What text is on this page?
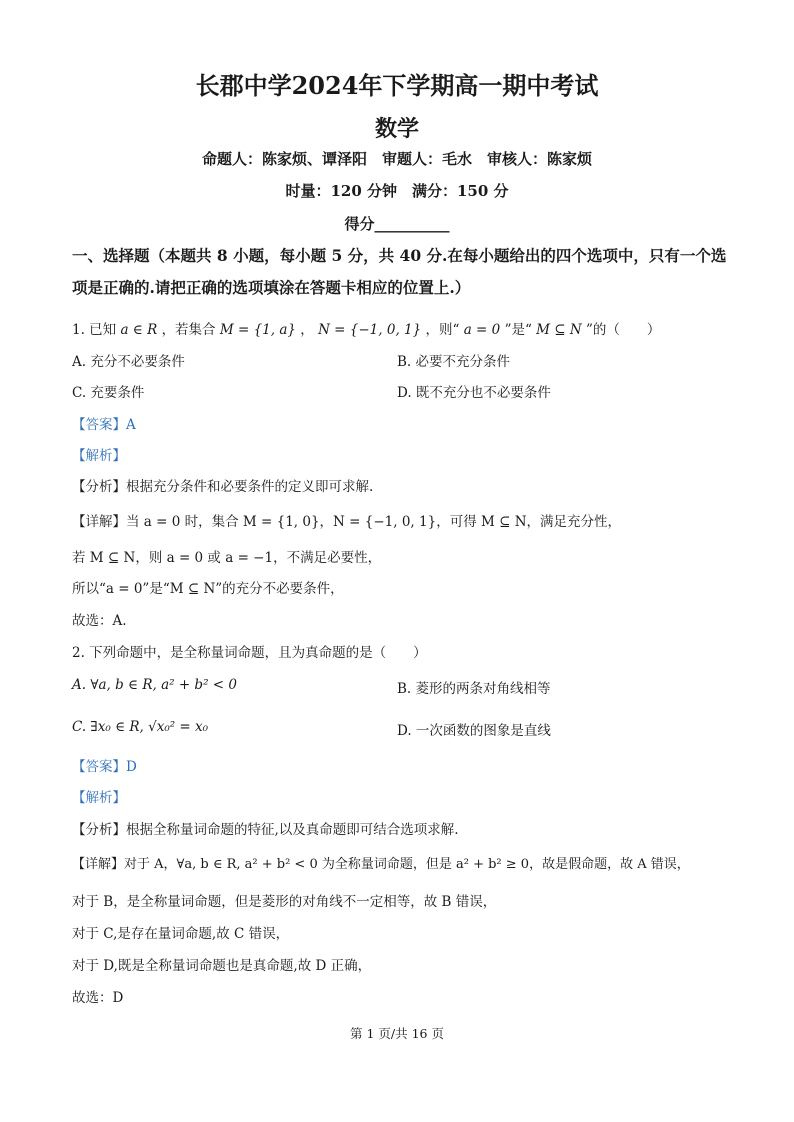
长郡中学2024年下学期高一期中考试
数学
命题人：陈家烦、谭泽阳　审题人：毛水　审核人：陈家烦
时量：120 分钟　满分：150 分
得分__________
一、选择题（本题共 8 小题，每小题 5 分，共 40 分.在每小题给出的四个选项中，只有一个选项是正确的.请把正确的选项填涂在答题卡相应的位置上.）
1. 已知 a ∈ R ，若集合 M = {1, a} ， N = {−1, 0, 1} ，则“ a = 0 ”是“ M ⊆ N ”的（　　）
A. 充分不必要条件	B. 必要不充分条件
C. 充要条件	D. 既不充分也不必要条件
【答案】A
【解析】
【分析】根据充分条件和必要条件的定义即可求解.
【详解】当 a = 0 时，集合 M = {1, 0}，N = {−1, 0, 1}，可得 M ⊆ N，满足充分性，
若 M ⊆ N，则 a = 0 或 a = −1，不满足必要性，
所以“a = 0”是“M ⊆ N”的充分不必要条件，
故选：A.
2. 下列命题中，是全称量词命题，且为真命题的是（　　）
A. ∀a, b ∈ R, a² + b² < 0	B. 菱形的两条对角线相等
C. ∃x₀ ∈ R, √x₀² = x₀	D. 一次函数的图象是直线
【答案】D
【解析】
【分析】根据全称量词命题的特征,以及真命题即可结合选项求解.
【详解】对于 A，∀a, b ∈ R, a² + b² < 0 为全称量词命题，但是 a² + b² ≥ 0，故是假命题，故 A 错误，
对于 B，是全称量词命题，但是菱形的对角线不一定相等，故 B 错误，
对于 C,是存在量词命题,故 C 错误，
对于 D,既是全称量词命题也是真命题,故 D 正确，
故选：D
第 1 页/共 16 页
